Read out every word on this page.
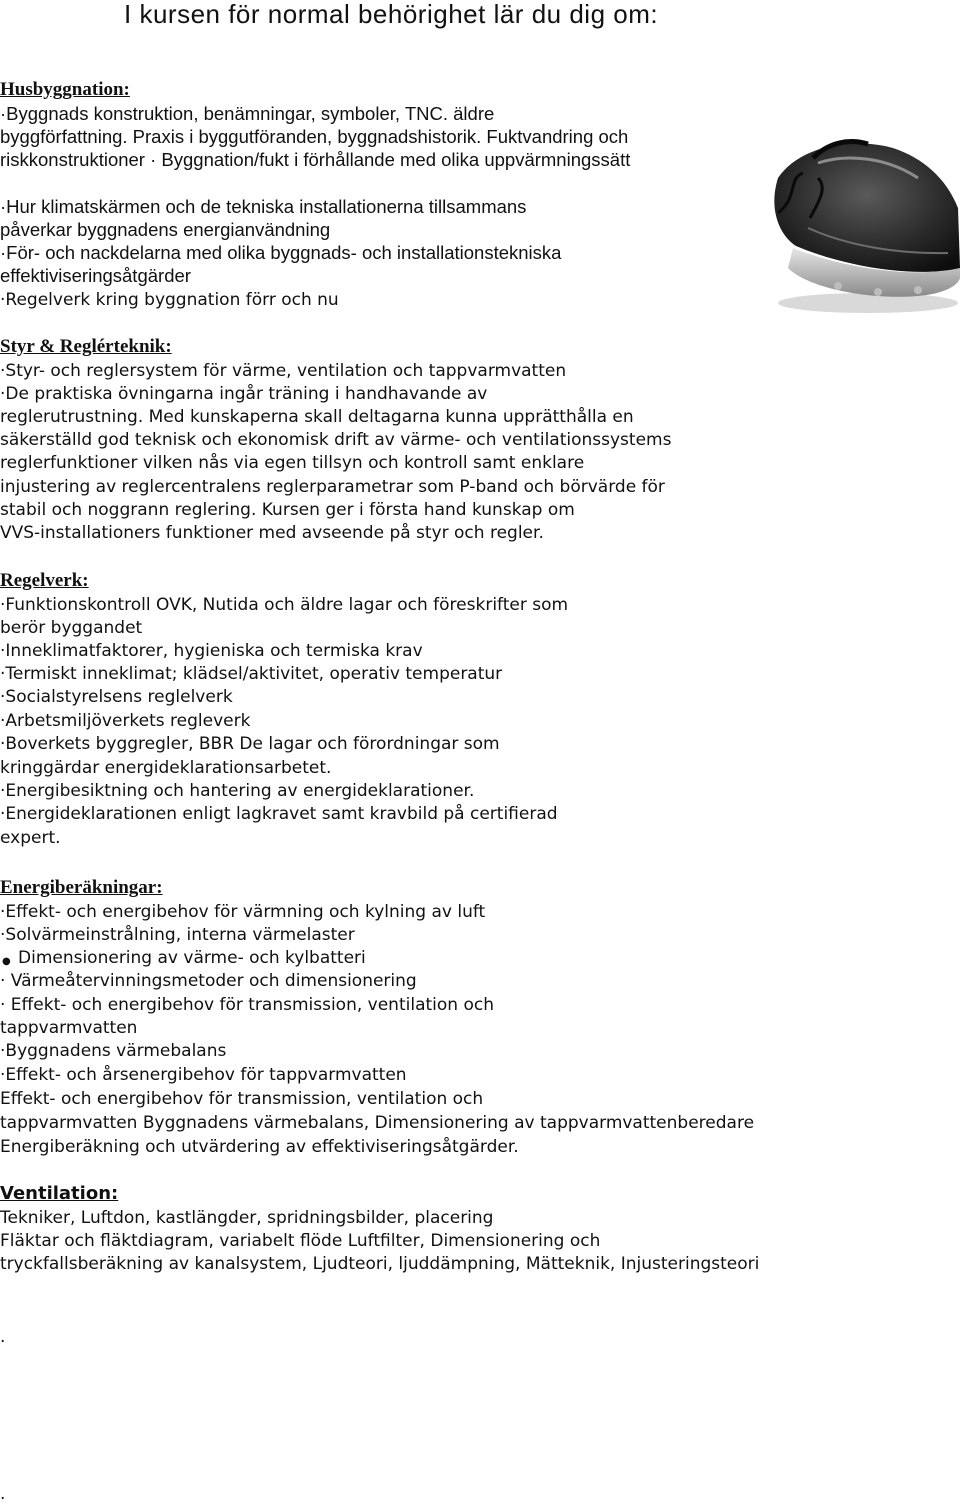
I kursen för normal behörighet lär du dig om:
Husbyggnation:
·Byggnads konstruktion, benämningar, symboler, TNC. äldre
byggförfattning. Praxis i byggutföranden, byggnadshistorik. Fuktvandring och
riskkonstruktioner · Byggnation/fukt i förhållande med olika uppvärmningssätt
·Hur klimatskärmen och de tekniska installationerna tillsammans
påverkar byggnadens energianvändning
·För- och nackdelarna med olika byggnads- och installationstekniska
effektiviseringsåtgärder
·Regelverk kring byggnation förr och nu
Styr & Reglérteknik:
·Styr- och reglersystem för värme, ventilation och tappvarmvatten
·De praktiska övningarna ingår träning i handhavande av
reglerutrustning. Med kunskaperna skall deltagarna kunna upprätthålla en
säkerställd god teknisk och ekonomisk drift av värme- och ventilationssystems
reglerfunktioner vilken nås via egen tillsyn och kontroll samt enklare
injustering av reglercentralens reglerparametrar som P-band och börvärde för
stabil och noggrann reglering. Kursen ger i första hand kunskap om
VVS-installationers funktioner med avseende på styr och regler.
Regelverk:
·Funktionskontroll OVK, Nutida och äldre lagar och föreskrifter som
berör byggandet
·Inneklimatfaktorer, hygieniska och termiska krav
·Termiskt inneklimat; klädsel/aktivitet, operativ temperatur
·Socialstyrelsens reglelverk
·Arbetsmiljöverkets regleverk
·Boverkets byggregler, BBR De lagar och förordningar som
kringgärdar energideklarationsarbetet.
·Energibesiktning och hantering av energideklarationer.
·Energideklarationen enligt lagkravet samt kravbild på certifierad
expert.
Energiberäkningar:
·Effekt- och energibehov för värmning och kylning av luft
·Solvärmeinstrålning, interna värmelaster
Dimensionering av värme- och kylbatteri
●
· Värmeåtervinningsmetoder och dimensionering
· Effekt- och energibehov för transmission, ventilation och
tappvarmvatten
·Byggnadens värmebalans
·Effekt- och årsenergibehov för tappvarmvatten
Effekt- och energibehov för transmission, ventilation och
tappvarmvatten Byggnadens värmebalans, Dimensionering av tappvarmvattenberedare
Energiberäkning och utvärdering av effektiviseringsåtgärder.
Ventilation:
Tekniker, Luftdon, kastlängder, spridningsbilder, placering
Fläktar och fläktdiagram, variabelt flöde Luftfilter, Dimensionering och
tryckfallsberäkning av kanalsystem, Ljudteori, ljuddämpning, Mätteknik, Injusteringsteori
.
.
